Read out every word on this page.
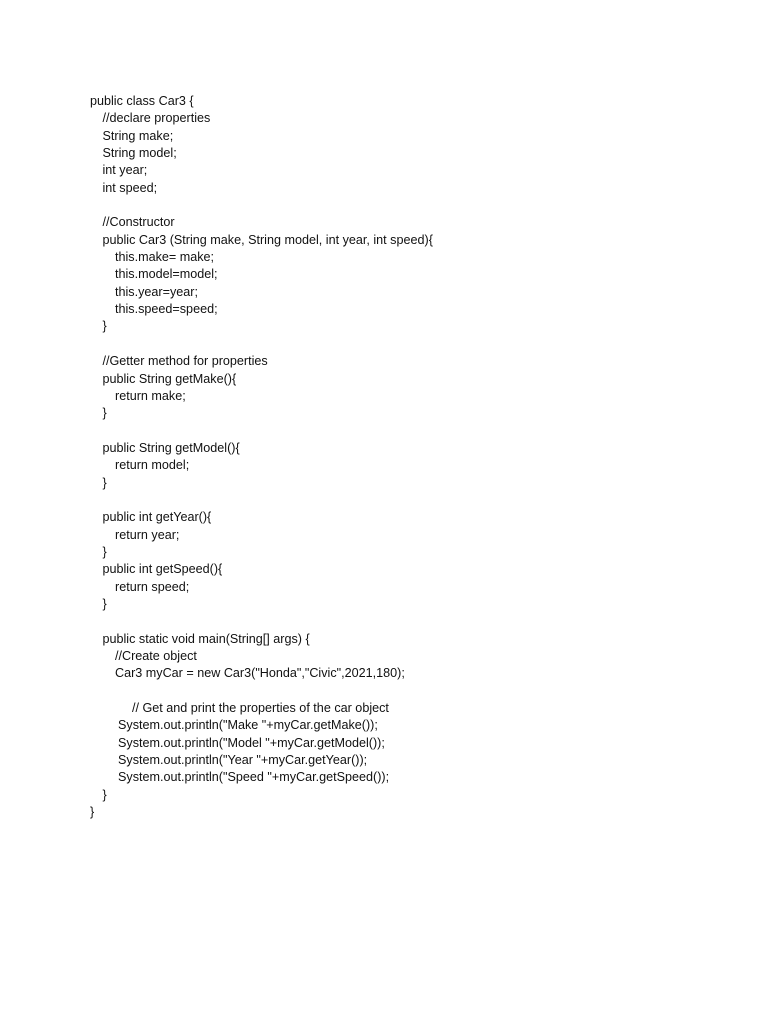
public class Car3 {
//declare properties
String make;
String model;
int year;
int speed;
//Constructor
public Car3 (String make, String model, int year, int speed){
this.make= make;
this.model=model;
this.year=year;
this.speed=speed;
}
//Getter method for properties
public String getMake(){
return make;
}
public String getModel(){
return model;
}
public int getYear(){
return year;
}
public int getSpeed(){
return speed;
}
public static void main(String[] args) {
//Create object
Car3 myCar = new Car3("Honda","Civic",2021,180);
// Get and print the properties of the car object
System.out.println("Make "+myCar.getMake());
System.out.println("Model "+myCar.getModel());
System.out.println("Year "+myCar.getYear());
System.out.println("Speed "+myCar.getSpeed());
}
}
